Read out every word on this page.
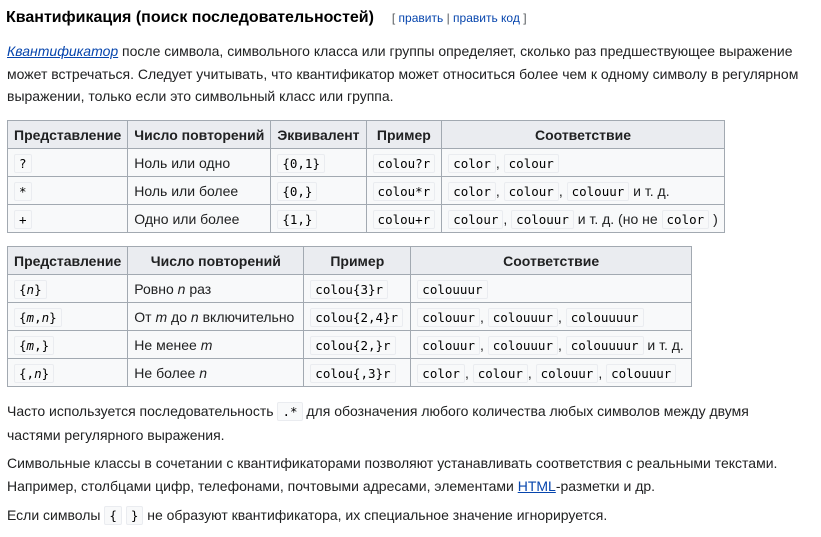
Квантификация (поиск последовательностей) [ править | править код ]

Квантификатор после символа, символьного класса или группы определяет, сколько раз предшествующее выражение может встречаться. Следует учитывать, что квантификатор может относиться более чем к одному символу в регулярном выражении, только если это символьный класс или группа.

Представление	Число повторений	Эквивалент	Пример	Соответствие
?	Ноль или одно	{0,1}	colou?r	color , colour
*	Ноль или более	{0,}	colou*r	color , colour , colouur и т. д.
+	Одно или более	{1,}	colou+r	colour , colouur и т. д. (но не color )
Представление	Число повторений	Пример	Соответствие
{n}	Ровно n раз	colou{3}r	colouuur
{m,n}	От m до n включительно	colou{2,4}r	colouur , colouuur , colouuuur
{m,}	Не менее m	colou{2,}r	colouur , colouuur , colouuuur и т. д.
{,n}	Не более n	colou{,3}r	color , colour , colouur , colouuur

Часто используется последовательность .* для обозначения любого количества любых символов между двумя частями регулярного выражения.

Символьные классы в сочетании с квантификаторами позволяют устанавливать соответствия с реальными текстами. Например, столбцами цифр, телефонами, почтовыми адресами, элементами HTML-разметки и др.

Если символы { } не образуют квантификатора, их специальное значение игнорируется.
